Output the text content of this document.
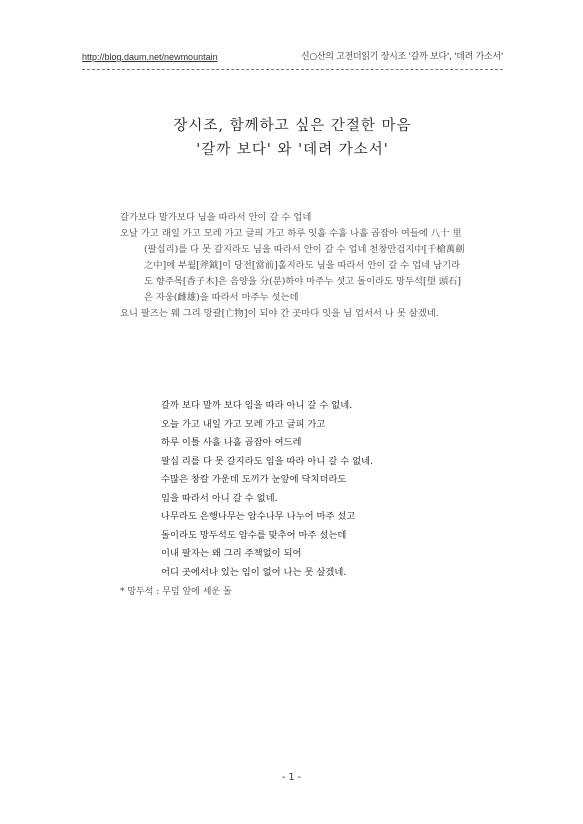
http://blog.daum.net/newmountain	신○산의 고전더읽기 장시조 '갈까 보다', '데려 가소서'
장시조, 함께하고 싶은 간절한 마음
'갈까 보다' 와 '데려 가소서'

갈가보다 말가보다 님을 따라서 안이 갈 수 업네

오날 가고 래일 가고 모레 가고 글픠 가고 하루 잇흘 수흘 나흘 곱잡아 여들에 八十 里(팔십리)를 다 못 갈지라도 님을 따라서 안이 갈 수 업네 천창만검지中[千槍萬劍之中]에 부월[斧鉞]이 당전[當前]홀지라도 님을 따라서 안이 갈 수 업네 남기라도 향주목[香子木]은 음양을 分(분)하야 마주누 섯고 돌이라도 망두석[望 頭石]은 자웅(雌雄)을 따라서 마주누 섯는데

요니 팔즈는 웨 그리 망괄[亡物]이 되야 간 곳마다 잇을 님 업서서 나 못 살겠네.

갈까 보다 말까 보다 임을 따라 아니 갈 수 없네.
오늘 가고 내일 가고 모레 가고 글피 가고
하루 이틀 사흘 나흘 곱잡아 여드레
팔십 리를 다 못 갈지라도 임을 따라 아니 갈 수 없네.
수많은 창칼 가운데 도끼가 눈앞에 닥치더라도
임을 따라서 아니 갈 수 없네.
나무라도 은행나무는 암수나무 나누어 마주 섰고
돌이라도 망두석도 암수를 맞추어 마주 섰는데
이내 팔자는 왜 그리 주책없이 되어
어디 곳에서나 있는 임이 없어 나는 못 살겠네.
* 망두석 : 무덤 앞에 세운 돌
- 1 -
